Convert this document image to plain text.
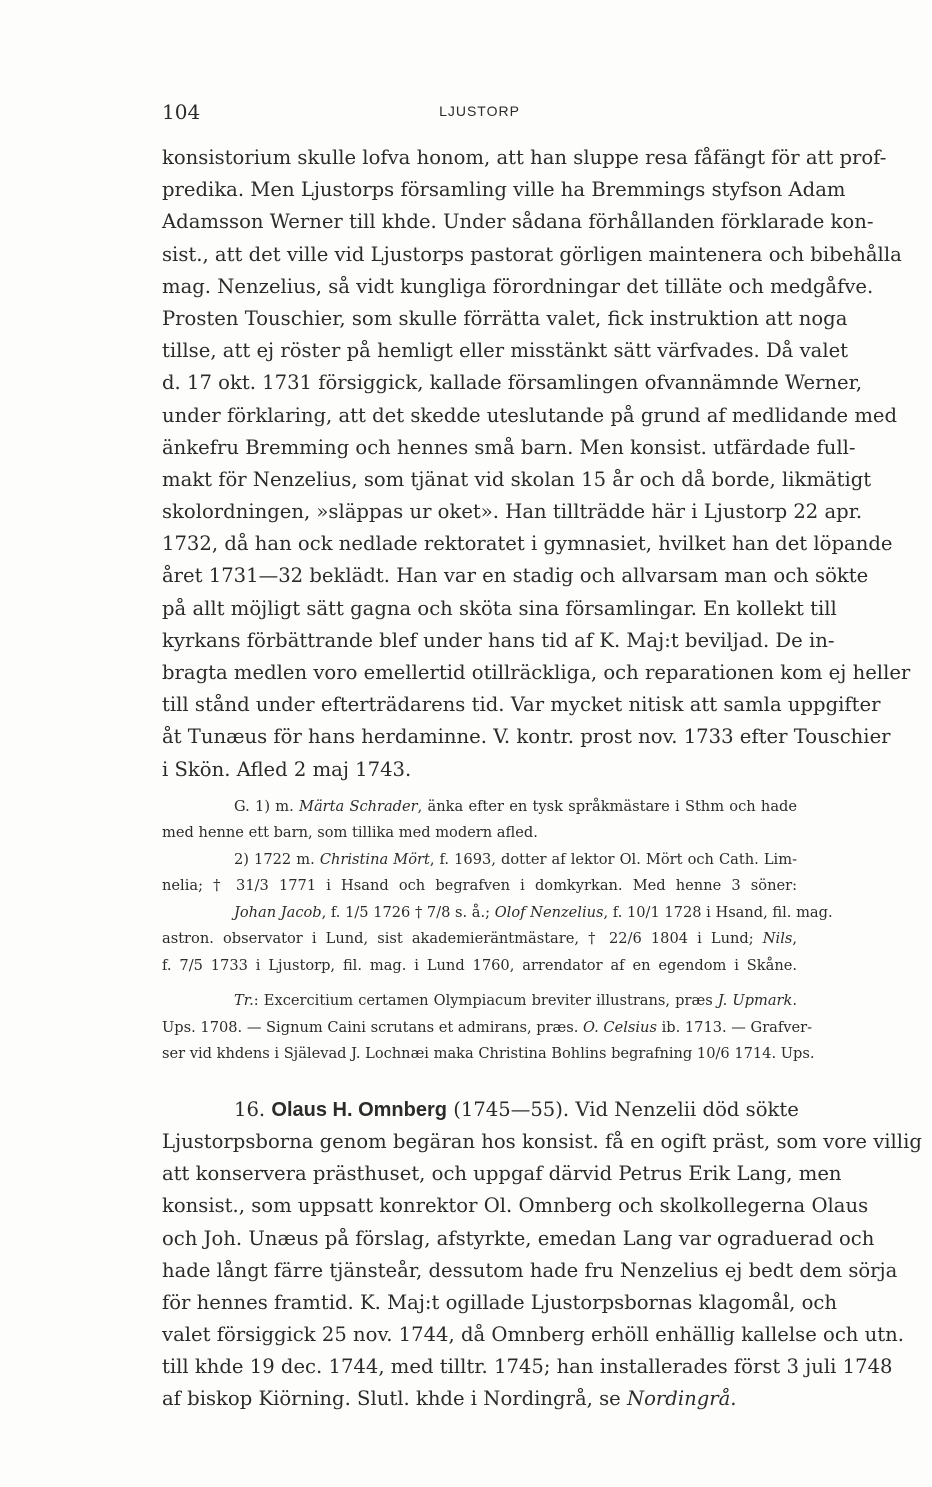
104	LJUSTORP
konsistorium skulle lofva honom, att han sluppe resa fåfängt för att prof-
predika. Men Ljustorps församling ville ha Bremmings styfson Adam
Adamsson Werner till khde. Under sådana förhållanden förklarade kon-
sist., att det ville vid Ljustorps pastorat görligen maintenera och bibehålla
mag. Nenzelius, så vidt kungliga förordningar det tilläte och medgåfve.
Prosten Touschier, som skulle förrätta valet, fick instruktion att noga
tillse, att ej röster på hemligt eller misstänkt sätt värfvades. Då valet
d. 17 okt. 1731 försiggick, kallade församlingen ofvannämnde Werner,
under förklaring, att det skedde uteslutande på grund af medlidande med
änkefru Bremming och hennes små barn. Men konsist. utfärdade full-
makt för Nenzelius, som tjänat vid skolan 15 år och då borde, likmätigt
skolordningen, »släppas ur oket». Han tillträdde här i Ljustorp 22 apr.
1732, då han ock nedlade rektoratet i gymnasiet, hvilket han det löpande
året 1731—32 beklädt. Han var en stadig och allvarsam man och sökte
på allt möjligt sätt gagna och sköta sina församlingar. En kollekt till
kyrkans förbättrande blef under hans tid af K. Maj:t beviljad. De in-
bragta medlen voro emellertid otillräckliga, och reparationen kom ej heller
till stånd under efterträdarens tid. Var mycket nitisk att samla uppgifter
åt Tunæus för hans herdaminne. V. kontr. prost nov. 1733 efter Touschier
i Skön. Afled 2 maj 1743.
G. 1) m. Märta Schrader, änka efter en tysk språkmästare i Sthm och hade
med henne ett barn, som tillika med modern afled.
2) 1722 m. Christina Mört, f. 1693, dotter af lektor Ol. Mört och Cath. Lim-
nelia; † 31/3 1771 i Hsand och begrafven i domkyrkan. Med henne 3 söner:
Johan Jacob, f. 1/5 1726 † 7/8 s. å.; Olof Nenzelius, f. 10/1 1728 i Hsand, fil. mag.
astron. observator i Lund, sist akademieräntmästare, † 22/6 1804 i Lund; Nils,
f. 7/5 1733 i Ljustorp, fil. mag. i Lund 1760, arrendator af en egendom i Skåne.
Tr.: Excercitium certamen Olympiacum breviter illustrans, præs J. Upmark.
Ups. 1708. — Signum Caini scrutans et admirans, præs. O. Celsius ib. 1713. — Grafver-
ser vid khdens i Själevad J. Lochnæi maka Christina Bohlins begrafning 10/6 1714. Ups.
16. Olaus H. Omnberg (1745—55). Vid Nenzelii död sökte
Ljustorpsborna genom begäran hos konsist. få en ogift präst, som vore villig
att konservera prästhuset, och uppgaf därvid Petrus Erik Lang, men
konsist., som uppsatt konrektor Ol. Omnberg och skolkollegerna Olaus
och Joh. Unæus på förslag, afstyrkte, emedan Lang var ograduerad och
hade långt färre tjänsteår, dessutom hade fru Nenzelius ej bedt dem sörja
för hennes framtid. K. Maj:t ogillade Ljustorpsbornas klagomål, och
valet försiggick 25 nov. 1744, då Omnberg erhöll enhällig kallelse och utn.
till khde 19 dec. 1744, med tilltr. 1745; han installerades först 3 juli 1748
af biskop Kiörning. Slutl. khde i Nordingrå, se Nordingrå.
